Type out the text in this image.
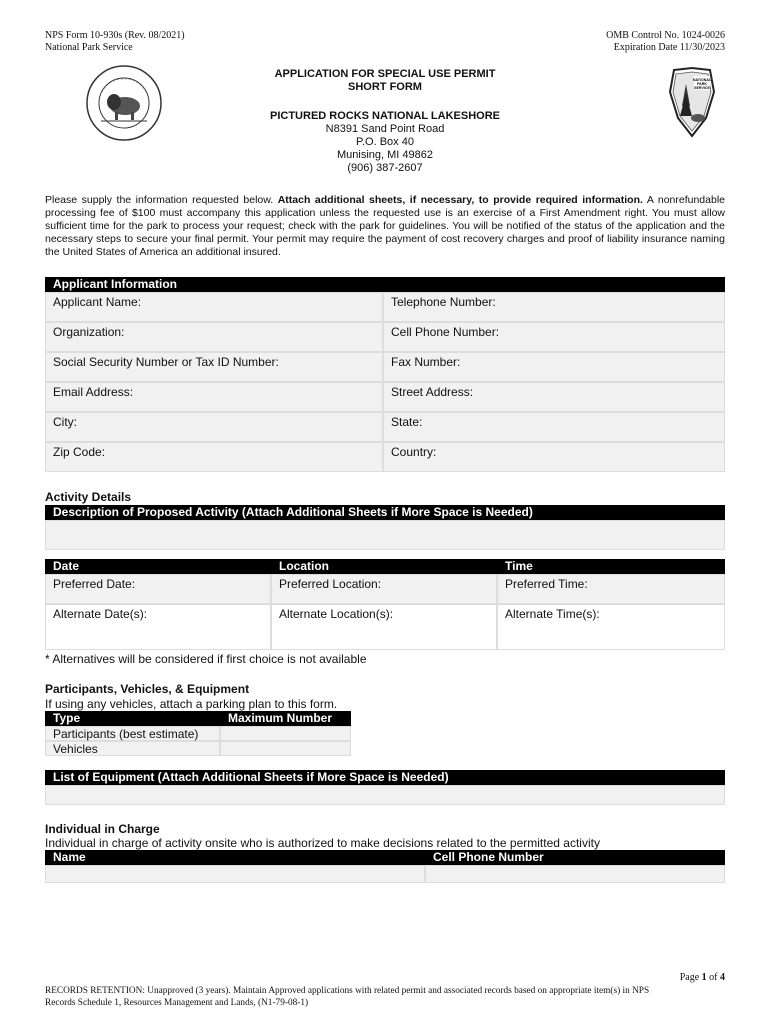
NPS Form 10-930s (Rev. 08/2021)
National Park Service
OMB Control No. 1024-0026
Expiration Date 11/30/2023
NATIONAL
PARK
SERVICE
APPLICATION FOR SPECIAL USE PERMIT
SHORT FORM
PICTURED ROCKS NATIONAL LAKESHORE
N8391 Sand Point Road
P.O. Box 40
Munising, MI 49862
(906) 387-2607
Please supply the information requested below. Attach additional sheets, if necessary, to provide required information. A nonrefundable processing fee of $100 must accompany this application unless the requested use is an exercise of a First Amendment right. You must allow sufficient time for the park to process your request; check with the park for guidelines. You will be notified of the status of the application and the necessary steps to secure your final permit. Your permit may require the payment of cost recovery charges and proof of liability insurance naming the United States of America an additional insured.
Applicant Information
Applicant Name:	Telephone Number:
Organization:	Cell Phone Number:
Social Security Number or Tax ID Number:	Fax Number:
Email Address:	Street Address:
City:	State:
Zip Code:	Country:
Activity Details
Description of Proposed Activity (Attach Additional Sheets if More Space is Needed)
Date	Location	Time
Preferred Date:	Preferred Location:	Preferred Time:
Alternate Date(s):	Alternate Location(s):	Alternate Time(s):
* Alternatives will be considered if first choice is not available
Participants, Vehicles, & Equipment
If using any vehicles, attach a parking plan to this form.
Type	Maximum Number
Participants (best estimate)
Vehicles
List of Equipment (Attach Additional Sheets if More Space is Needed)
Individual in Charge
Individual in charge of activity onsite who is authorized to make decisions related to the permitted activity
Name	Cell Phone Number
Page 1 of 4
RECORDS RETENTION: Unapproved (3 years). Maintain Approved applications with related permit and associated records based on appropriate item(s) in NPS
Records Schedule 1, Resources Management and Lands, (N1-79-08-1)
